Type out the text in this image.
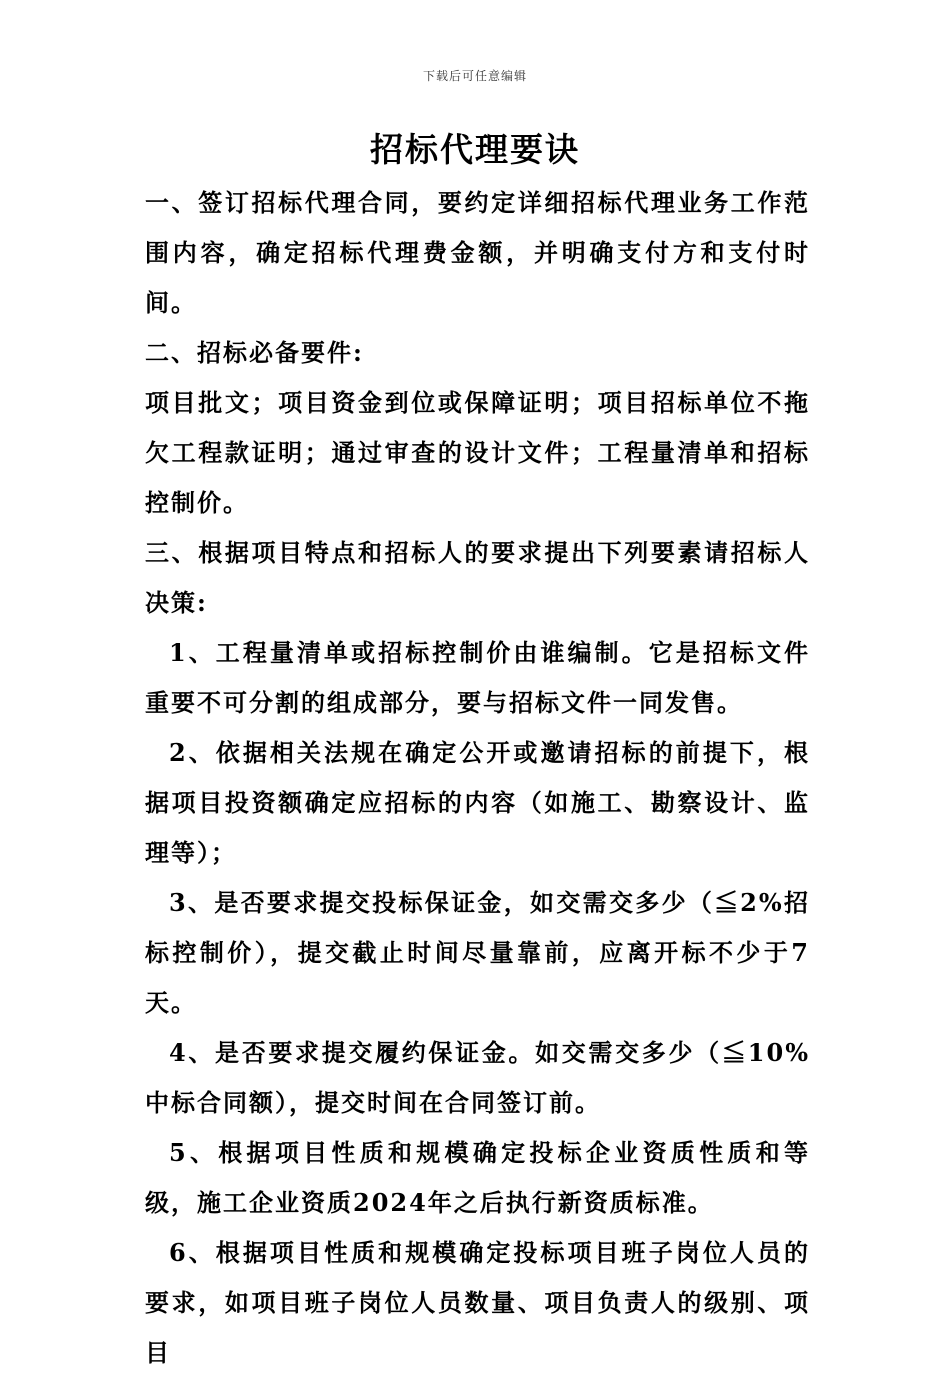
下载后可任意编辑
招标代理要诀

一、签订招标代理合同，要约定详细招标代理业务工作范围内容，确定招标代理费金额，并明确支付方和支付时间。

二、招标必备要件:

项目批文；项目资金到位或保障证明；项目招标单位不拖欠工程款证明；通过审查的设计文件；工程量清单和招标控制价。

三、根据项目特点和招标人的要求提出下列要素请招标人决策:

1、工程量清单或招标控制价由谁编制。它是招标文件重要不可分割的组成部分，要与招标文件一同发售。

2、依据相关法规在确定公开或邀请招标的前提下，根据项目投资额确定应招标的内容（如施工、勘察设计、监理等）；

3、是否要求提交投标保证金，如交需交多少（≦2%招标控制价），提交截止时间尽量靠前，应离开标不少于7天。

4、是否要求提交履约保证金。如交需交多少（≦10%中标合同额），提交时间在合同签订前。

5、根据项目性质和规模确定投标企业资质性质和等级，施工企业资质2024年之后执行新资质标准。

6、根据项目性质和规模确定投标项目班子岗位人员的要求，如项目班子岗位人员数量、项目负责人的级别、项目
